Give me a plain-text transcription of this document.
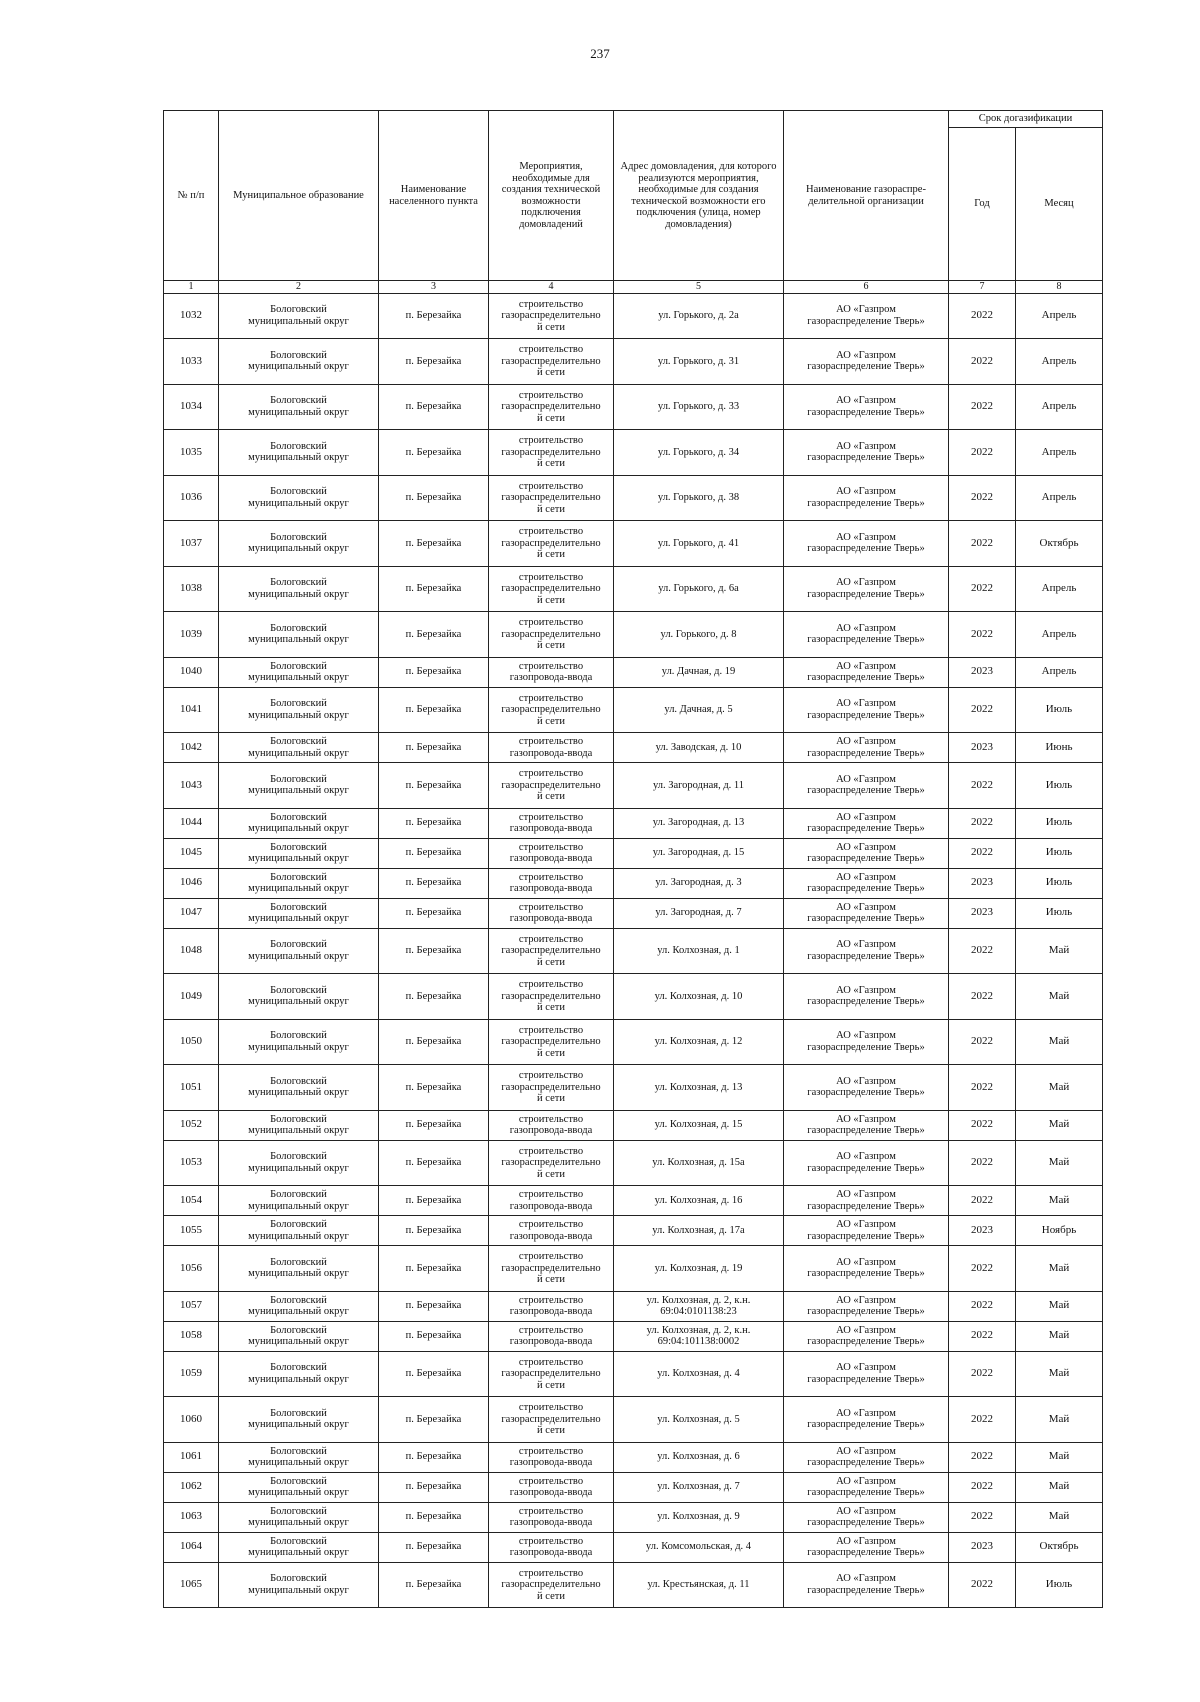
237
№ п/п	Муниципальное образование	Наименование населенного пункта	Мероприятия, необходимые для создания технической возможности подключения домовладений	Адрес домовладения, для которого реализуются мероприятия, необходимые для создания технической возможности его подключения (улица, номер домовладения)	Наименование газораспре-делительной организации	Срок догазификации	
						Год	Месяц
1	2	3	4	5	6	7	8
1032	Бологовский
муниципальный округ	п. Березайка	строительство
газораспределительно
й сети	ул. Горького, д. 2а	АО «Газпром
газораспределение Тверь»	2022	Апрель
1033	Бологовский
муниципальный округ	п. Березайка	строительство
газораспределительно
й сети	ул. Горького, д. 31	АО «Газпром
газораспределение Тверь»	2022	Апрель
1034	Бологовский
муниципальный округ	п. Березайка	строительство
газораспределительно
й сети	ул. Горького, д. 33	АО «Газпром
газораспределение Тверь»	2022	Апрель
1035	Бологовский
муниципальный округ	п. Березайка	строительство
газораспределительно
й сети	ул. Горького, д. 34	АО «Газпром
газораспределение Тверь»	2022	Апрель
1036	Бологовский
муниципальный округ	п. Березайка	строительство
газораспределительно
й сети	ул. Горького, д. 38	АО «Газпром
газораспределение Тверь»	2022	Апрель
1037	Бологовский
муниципальный округ	п. Березайка	строительство
газораспределительно
й сети	ул. Горького, д. 41	АО «Газпром
газораспределение Тверь»	2022	Октябрь
1038	Бологовский
муниципальный округ	п. Березайка	строительство
газораспределительно
й сети	ул. Горького, д. 6а	АО «Газпром
газораспределение Тверь»	2022	Апрель
1039	Бологовский
муниципальный округ	п. Березайка	строительство
газораспределительно
й сети	ул. Горького, д. 8	АО «Газпром
газораспределение Тверь»	2022	Апрель
1040	Бологовский
муниципальный округ	п. Березайка	строительство
газопровода-ввода	ул. Дачная, д. 19	АО «Газпром
газораспределение Тверь»	2023	Апрель
1041	Бологовский
муниципальный округ	п. Березайка	строительство
газораспределительно
й сети	ул. Дачная, д. 5	АО «Газпром
газораспределение Тверь»	2022	Июль
1042	Бологовский
муниципальный округ	п. Березайка	строительство
газопровода-ввода	ул. Заводская, д. 10	АО «Газпром
газораспределение Тверь»	2023	Июнь
1043	Бологовский
муниципальный округ	п. Березайка	строительство
газораспределительно
й сети	ул. Загородная, д. 11	АО «Газпром
газораспределение Тверь»	2022	Июль
1044	Бологовский
муниципальный округ	п. Березайка	строительство
газопровода-ввода	ул. Загородная, д. 13	АО «Газпром
газораспределение Тверь»	2022	Июль
1045	Бологовский
муниципальный округ	п. Березайка	строительство
газопровода-ввода	ул. Загородная, д. 15	АО «Газпром
газораспределение Тверь»	2022	Июль
1046	Бологовский
муниципальный округ	п. Березайка	строительство
газопровода-ввода	ул. Загородная, д. 3	АО «Газпром
газораспределение Тверь»	2023	Июль
1047	Бологовский
муниципальный округ	п. Березайка	строительство
газопровода-ввода	ул. Загородная, д. 7	АО «Газпром
газораспределение Тверь»	2023	Июль
1048	Бологовский
муниципальный округ	п. Березайка	строительство
газораспределительно
й сети	ул. Колхозная, д. 1	АО «Газпром
газораспределение Тверь»	2022	Май
1049	Бологовский
муниципальный округ	п. Березайка	строительство
газораспределительно
й сети	ул. Колхозная, д. 10	АО «Газпром
газораспределение Тверь»	2022	Май
1050	Бологовский
муниципальный округ	п. Березайка	строительство
газораспределительно
й сети	ул. Колхозная, д. 12	АО «Газпром
газораспределение Тверь»	2022	Май
1051	Бологовский
муниципальный округ	п. Березайка	строительство
газораспределительно
й сети	ул. Колхозная, д. 13	АО «Газпром
газораспределение Тверь»	2022	Май
1052	Бологовский
муниципальный округ	п. Березайка	строительство
газопровода-ввода	ул. Колхозная, д. 15	АО «Газпром
газораспределение Тверь»	2022	Май
1053	Бологовский
муниципальный округ	п. Березайка	строительство
газораспределительно
й сети	ул. Колхозная, д. 15а	АО «Газпром
газораспределение Тверь»	2022	Май
1054	Бологовский
муниципальный округ	п. Березайка	строительство
газопровода-ввода	ул. Колхозная, д. 16	АО «Газпром
газораспределение Тверь»	2022	Май
1055	Бологовский
муниципальный округ	п. Березайка	строительство
газопровода-ввода	ул. Колхозная, д. 17а	АО «Газпром
газораспределение Тверь»	2023	Ноябрь
1056	Бологовский
муниципальный округ	п. Березайка	строительство
газораспределительно
й сети	ул. Колхозная, д. 19	АО «Газпром
газораспределение Тверь»	2022	Май
1057	Бологовский
муниципальный округ	п. Березайка	строительство
газопровода-ввода	ул. Колхозная, д. 2, к.н.
69:04:0101138:23	АО «Газпром
газораспределение Тверь»	2022	Май
1058	Бологовский
муниципальный округ	п. Березайка	строительство
газопровода-ввода	ул. Колхозная, д. 2, к.н.
69:04:101138:0002	АО «Газпром
газораспределение Тверь»	2022	Май
1059	Бологовский
муниципальный округ	п. Березайка	строительство
газораспределительно
й сети	ул. Колхозная, д. 4	АО «Газпром
газораспределение Тверь»	2022	Май
1060	Бологовский
муниципальный округ	п. Березайка	строительство
газораспределительно
й сети	ул. Колхозная, д. 5	АО «Газпром
газораспределение Тверь»	2022	Май
1061	Бологовский
муниципальный округ	п. Березайка	строительство
газопровода-ввода	ул. Колхозная, д. 6	АО «Газпром
газораспределение Тверь»	2022	Май
1062	Бологовский
муниципальный округ	п. Березайка	строительство
газопровода-ввода	ул. Колхозная, д. 7	АО «Газпром
газораспределение Тверь»	2022	Май
1063	Бологовский
муниципальный округ	п. Березайка	строительство
газопровода-ввода	ул. Колхозная, д. 9	АО «Газпром
газораспределение Тверь»	2022	Май
1064	Бологовский
муниципальный округ	п. Березайка	строительство
газопровода-ввода	ул. Комсомольская, д. 4	АО «Газпром
газораспределение Тверь»	2023	Октябрь
1065	Бологовский
муниципальный округ	п. Березайка	строительство
газораспределительно
й сети	ул. Крестьянская, д. 11	АО «Газпром
газораспределение Тверь»	2022	Июль
